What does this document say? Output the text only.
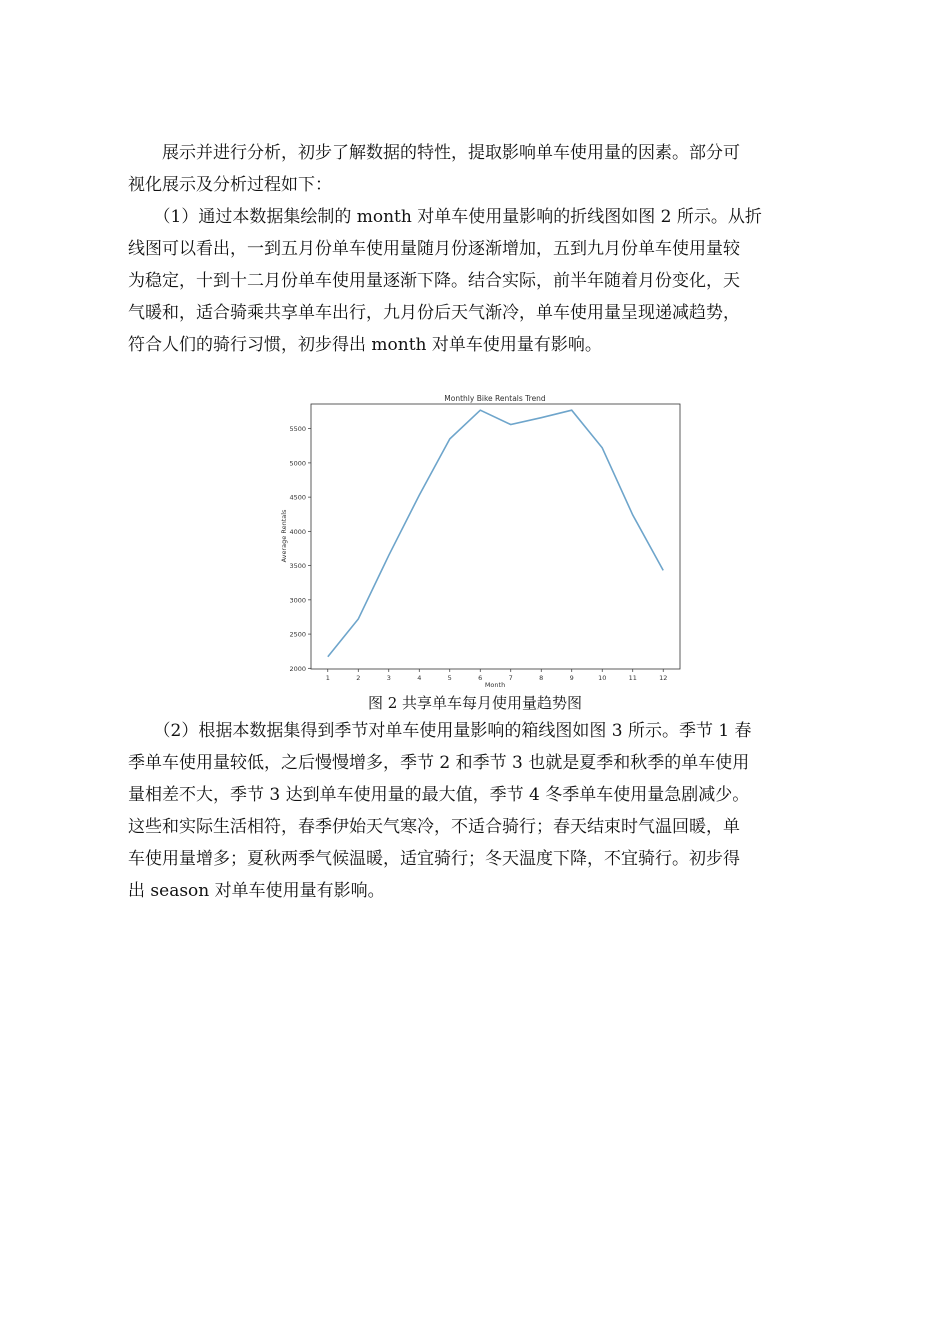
　　展示并进行分析，初步了解数据的特性，提取影响单车使用量的因素。部分可
视化展示及分析过程如下：
　　（1）通过本数据集绘制的 month 对单车使用量影响的折线图如图 2 所示。从折
线图可以看出，一到五月份单车使用量随月份逐渐增加，五到九月份单车使用量较
为稳定，十到十二月份单车使用量逐渐下降。结合实际，前半年随着月份变化，天
气暖和，适合骑乘共享单车出行，九月份后天气渐冷，单车使用量呈现递减趋势，
符合人们的骑行习惯，初步得出 month 对单车使用量有影响。
Monthly Bike Rentals Trend
2000
2500
3000
3500
4000
4500
5000
5500
1	2	3	4	5	6	7	8	9	10	11	12
Month
Average Rentals
图 2 共享单车每月使用量趋势图
　　（2）根据本数据集得到季节对单车使用量影响的箱线图如图 3 所示。季节 1 春
季单车使用量较低，之后慢慢增多，季节 2 和季节 3 也就是夏季和秋季的单车使用
量相差不大，季节 3 达到单车使用量的最大值，季节 4 冬季单车使用量急剧减少。
这些和实际生活相符，春季伊始天气寒冷，不适合骑行；春天结束时气温回暖，单
车使用量增多；夏秋两季气候温暖，适宜骑行；冬天温度下降，不宜骑行。初步得
出 season 对单车使用量有影响。
